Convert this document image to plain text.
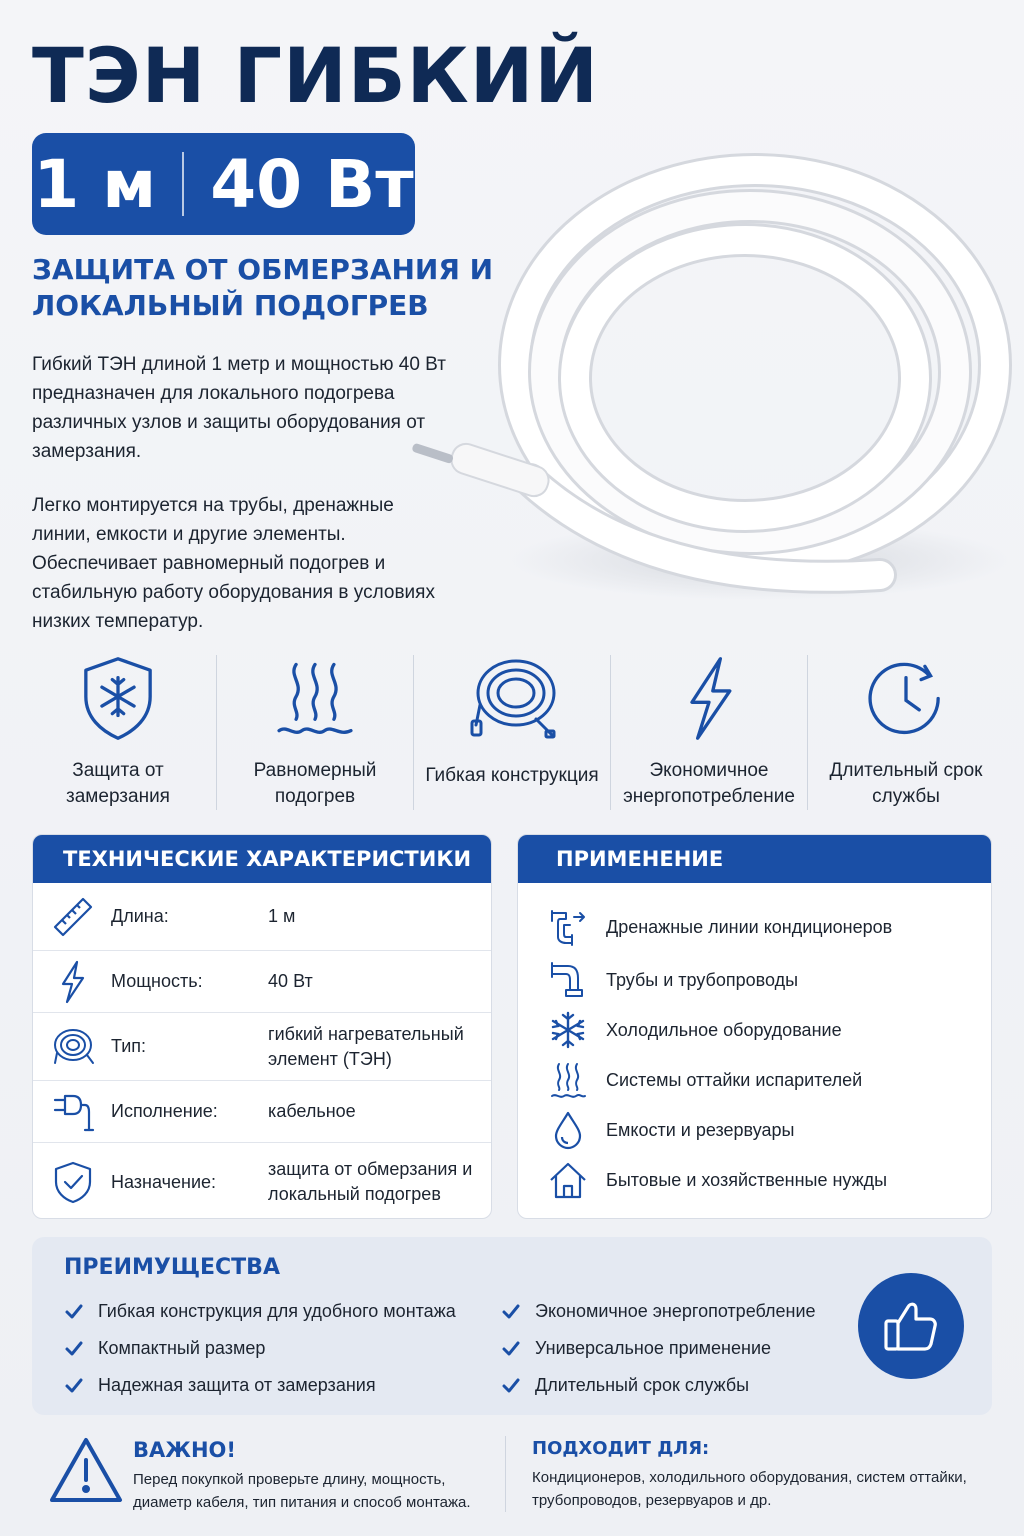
ТЭН ГИБКИЙ
1 м 40 Вт
ЗАЩИТА ОТ ОБМЕРЗАНИЯ И ЛОКАЛЬНЫЙ ПОДОГРЕВ
Гибкий ТЭН длиной 1 метр и мощностью 40 Вт предназначен для локального подогрева различных узлов и защиты оборудования от замерзания.
Легко монтируется на трубы, дренажные линии, емкости и другие элементы. Обеспечивает равномерный подогрев и стабильную работу оборудования в условиях низких температур.
Защита от замерзания
Равномерный подогрев
Гибкая конструкция	Экономичное энергопотребление
Длительный срок службы
ТЕХНИЧЕСКИЕ ХАРАКТЕРИСТИКИ
Длина:	1 м
Мощность:	40 Вт
Тип:
гибкий нагревательный элемент (ТЭН)
Исполнение:	кабельное
Назначение:
защита от обмерзания и локальный подогрев
ПРИМЕНЕНИЕ
Дренажные линии кондиционеров
Трубы и трубопроводы
Холодильное оборудование
Системы оттайки испарителей
Емкости и резервуары
Бытовые и хозяйственные нужды
ПРЕИМУЩЕСТВА
Гибкая конструкция для удобного монтажа
Компактный размер
Надежная защита от замерзания
Экономичное энергопотребление
Универсальное применение
Длительный срок службы
ВАЖНО!
Перед покупкой проверьте длину, мощность, диаметр кабеля, тип питания и способ монтажа.
ПОДХОДИТ ДЛЯ:
Кондиционеров, холодильного оборудования, систем оттайки, трубопроводов, резервуаров и др.
